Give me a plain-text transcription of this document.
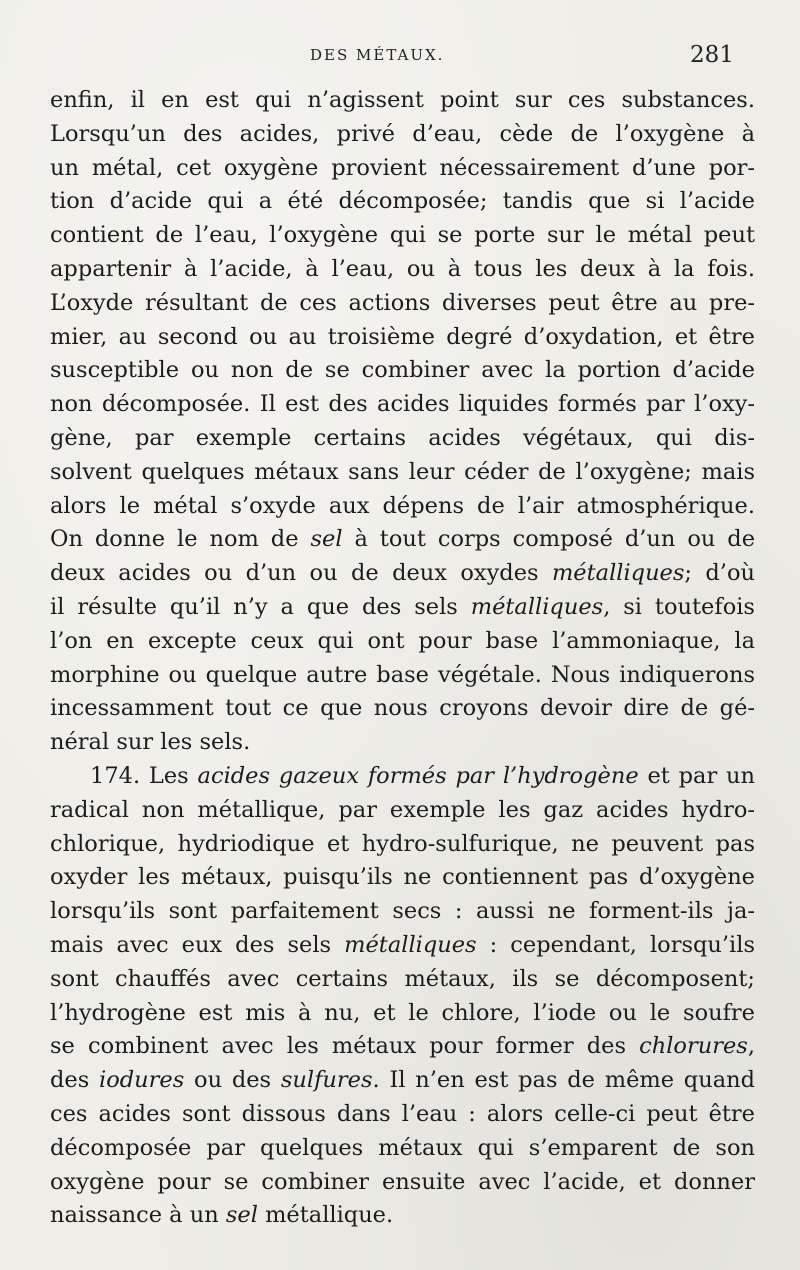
DES MÉTAUX.	281
enfin, il en est qui n’agissent point sur ces substances.
Lorsqu’un des acides, privé d’eau, cède de l’oxygène à
un métal, cet oxygène provient nécessairement d’une por-
tion d’acide qui a été décomposée; tandis que si l’acide
contient de l’eau, l’oxygène qui se porte sur le métal peut
appartenir à l’acide, à l’eau, ou à tous les deux à la fois.
L’oxyde résultant de ces actions diverses peut être au pre-
mier, au second ou au troisième degré d’oxydation, et être
susceptible ou non de se combiner avec la portion d’acide
non décomposée. Il est des acides liquides formés par l’oxy-
gène, par exemple certains acides végétaux, qui dis-
solvent quelques métaux sans leur céder de l’oxygène; mais
alors le métal s’oxyde aux dépens de l’air atmosphérique.
On donne le nom de sel à tout corps composé d’un ou de
deux acides ou d’un ou de deux oxydes métalliques; d’où
il résulte qu’il n’y a que des sels métalliques, si toutefois
l’on en excepte ceux qui ont pour base l’ammoniaque, la
morphine ou quelque autre base végétale. Nous indiquerons
incessamment tout ce que nous croyons devoir dire de gé-
néral sur les sels.
174. Les acides gazeux formés par l’hydrogène et par un
radical non métallique, par exemple les gaz acides hydro-
chlorique, hydriodique et hydro-sulfurique, ne peuvent pas
oxyder les métaux, puisqu’ils ne contiennent pas d’oxygène
lorsqu’ils sont parfaitement secs : aussi ne forment-ils ja-
mais avec eux des sels métalliques : cependant, lorsqu’ils
sont chauffés avec certains métaux, ils se décomposent;
l’hydrogène est mis à nu, et le chlore, l’iode ou le soufre
se combinent avec les métaux pour former des chlorures,
des iodures ou des sulfures. Il n’en est pas de même quand
ces acides sont dissous dans l’eau : alors celle-ci peut être
décomposée par quelques métaux qui s’emparent de son
oxygène pour se combiner ensuite avec l’acide, et donner
naissance à un sel métallique.
